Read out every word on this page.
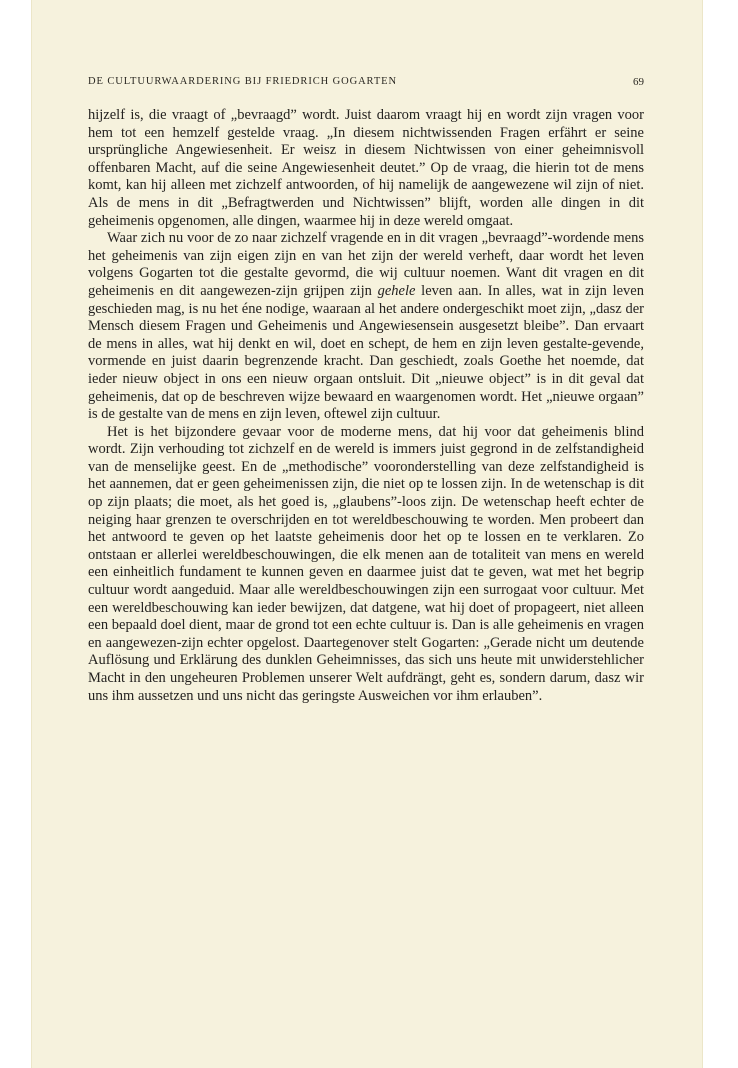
DE CULTUURWAARDERING BIJ FRIEDRICH GOGARTEN	69

hijzelf is, die vraagt of „bevraagd” wordt. Juist daarom vraagt hij en wordt zijn vragen voor hem tot een hemzelf gestelde vraag. „In diesem nichtwissenden Fragen erfährt er seine ursprüngliche Angewiesenheit. Er weisz in diesem Nichtwissen von einer geheimnisvoll offenbaren Macht, auf die seine Angewiesenheit deutet.” Op de vraag, die hierin tot de mens komt, kan hij alleen met zichzelf antwoorden, of hij namelijk de aangewezene wil zijn of niet. Als de mens in dit „Befragtwerden und Nichtwissen” blijft, worden alle dingen in dit geheimenis opgenomen, alle dingen, waarmee hij in deze wereld omgaat.

Waar zich nu voor de zo naar zichzelf vragende en in dit vragen „bevraagd”-wordende mens het geheimenis van zijn eigen zijn en van het zijn der wereld verheft, daar wordt het leven volgens Gogarten tot die gestalte gevormd, die wij cultuur noemen. Want dit vragen en dit geheimenis en dit aangewezen-zijn grijpen zijn gehele leven aan. In alles, wat in zijn leven geschieden mag, is nu het éne nodige, waaraan al het andere ondergeschikt moet zijn, „dasz der Mensch diesem Fragen und Geheimenis und Angewiesensein ausgesetzt bleibe”. Dan ervaart de mens in alles, wat hij denkt en wil, doet en schept, de hem en zijn leven gestalte-gevende, vormende en juist daarin begrenzende kracht. Dan geschiedt, zoals Goethe het noemde, dat ieder nieuw object in ons een nieuw orgaan ontsluit. Dit „nieuwe object” is in dit geval dat geheimenis, dat op de beschreven wijze bewaard en waargenomen wordt. Het „nieuwe orgaan” is de gestalte van de mens en zijn leven, oftewel zijn cultuur.

Het is het bijzondere gevaar voor de moderne mens, dat hij voor dat geheimenis blind wordt. Zijn verhouding tot zichzelf en de wereld is immers juist gegrond in de zelfstandigheid van de menselijke geest. En de „methodische” vooronderstelling van deze zelfstandigheid is het aannemen, dat er geen geheimenissen zijn, die niet op te lossen zijn. In de wetenschap is dit op zijn plaats; die moet, als het goed is, „glaubens”-loos zijn. De wetenschap heeft echter de neiging haar grenzen te overschrijden en tot wereldbeschouwing te worden. Men probeert dan het antwoord te geven op het laatste geheimenis door het op te lossen en te verklaren. Zo ontstaan er allerlei wereldbeschouwingen, die elk menen aan de totaliteit van mens en wereld een einheitlich fundament te kunnen geven en daarmee juist dat te geven, wat met het begrip cultuur wordt aangeduid. Maar alle wereldbeschouwingen zijn een surrogaat voor cultuur. Met een wereldbeschouwing kan ieder bewijzen, dat datgene, wat hij doet of propageert, niet alleen een bepaald doel dient, maar de grond tot een echte cultuur is. Dan is alle geheimenis en vragen en aangewezen-zijn echter opgelost. Daartegenover stelt Gogarten: „Gerade nicht um deutende Auflösung und Erklärung des dunklen Geheimnisses, das sich uns heute mit unwiderstehlicher Macht in den ungeheuren Problemen unserer Welt aufdrängt, geht es, sondern darum, dasz wir uns ihm aussetzen und uns nicht das geringste Ausweichen vor ihm erlauben”.
